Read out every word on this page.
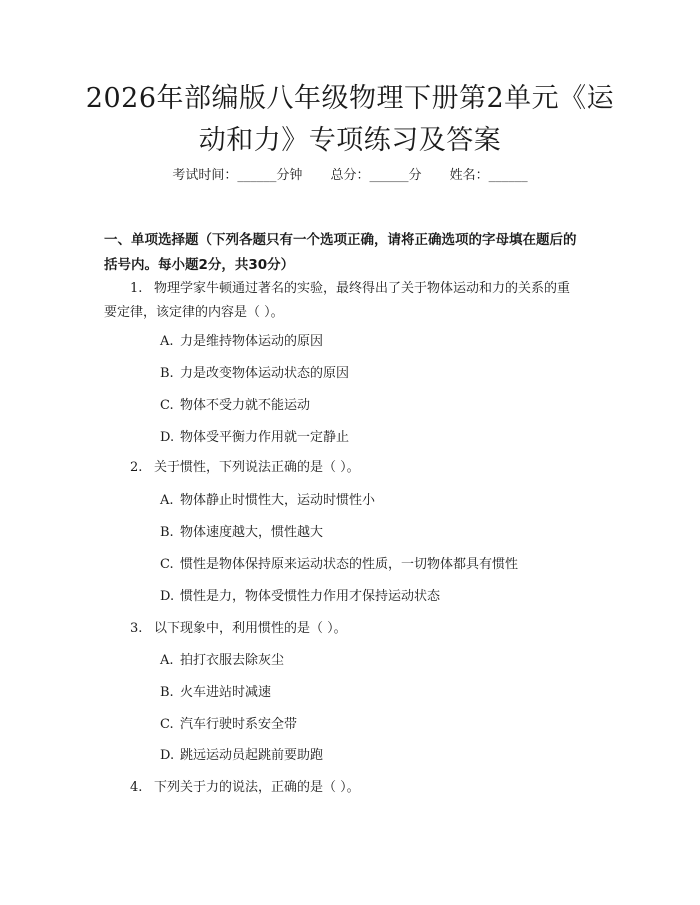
2026年部编版八年级物理下册第2单元《运
动和力》专项练习及答案
考试时间：______分钟 总分：______分 姓名：______
一、单项选择题（下列各题只有一个选项正确，请将正确选项的字母填在题后的
括号内。每小题2分，共30分）
1. 物理学家牛顿通过著名的实验，最终得出了关于物体运动和力的关系的重
要定律，该定律的内容是（ ）。
A. 力是维持物体运动的原因
B. 力是改变物体运动状态的原因
C. 物体不受力就不能运动
D. 物体受平衡力作用就一定静止
2. 关于惯性，下列说法正确的是（ ）。
A. 物体静止时惯性大，运动时惯性小
B. 物体速度越大，惯性越大
C. 惯性是物体保持原来运动状态的性质，一切物体都具有惯性
D. 惯性是力，物体受惯性力作用才保持运动状态
3. 以下现象中，利用惯性的是（ ）。
A. 拍打衣服去除灰尘
B. 火车进站时减速
C. 汽车行驶时系安全带
D. 跳远运动员起跳前要助跑
4. 下列关于力的说法，正确的是（ ）。
